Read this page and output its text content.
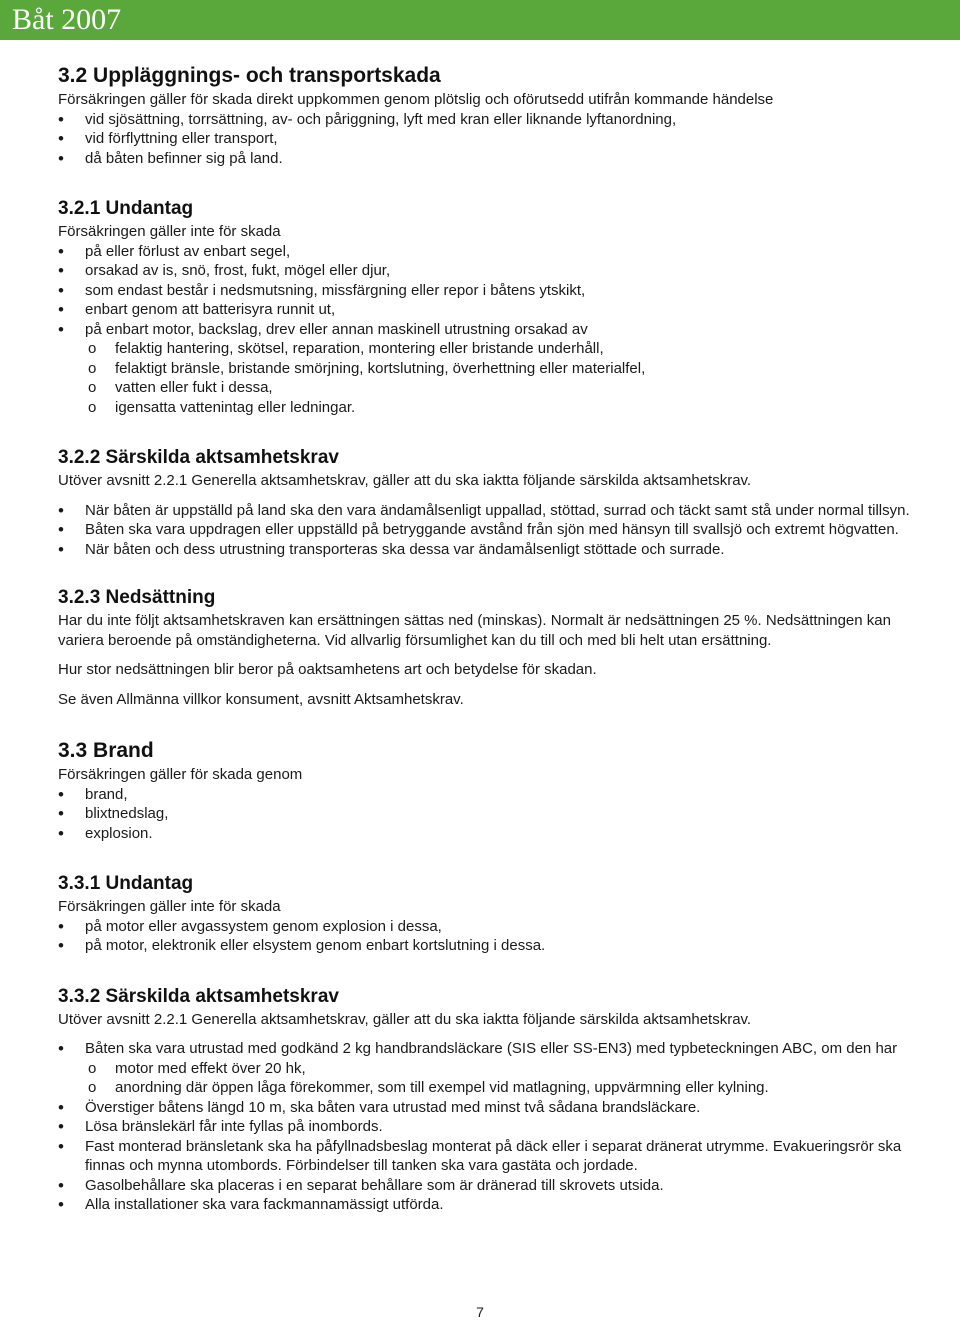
Båt 2007
3.2 Uppläggnings- och transportskada

Försäkringen gäller för skada direkt uppkommen genom plötslig och oförutsedd utifrån kommande händelse

• vid sjösättning, torrsättning, av- och påriggning, lyft med kran eller liknande lyftanordning,
• vid förflyttning eller transport,
• då båten befinner sig på land.
3.2.1 Undantag

Försäkringen gäller inte för skada

• på eller förlust av enbart segel,
• orsakad av is, snö, frost, fukt, mögel eller djur,
• som endast består i nedsmutsning, missfärgning eller repor i båtens ytskikt,
• enbart genom att batterisyra runnit ut,
• på enbart motor, backslag, drev eller annan maskinell utrustning orsakad av
o felaktig hantering, skötsel, reparation, montering eller bristande underhåll,
o felaktigt bränsle, bristande smörjning, kortslutning, överhettning eller materialfel,
o vatten eller fukt i dessa,
o igensatta vattenintag eller ledningar.
3.2.2 Särskilda aktsamhetskrav

Utöver avsnitt 2.2.1 Generella aktsamhetskrav, gäller att du ska iaktta följande särskilda aktsamhetskrav.

• När båten är uppställd på land ska den vara ändamålsenligt uppallad, stöttad, surrad och täckt samt stå under normal tillsyn.
• Båten ska vara uppdragen eller uppställd på betryggande avstånd från sjön med hänsyn till svallsjö och extremt högvatten.
• När båten och dess utrustning transporteras ska dessa var ändamålsenligt stöttade och surrade.
3.2.3 Nedsättning

Har du inte följt aktsamhetskraven kan ersättningen sättas ned (minskas). Normalt är nedsättningen 25 %. Nedsättningen kan variera beroende på omständigheterna. Vid allvarlig försumlighet kan du till och med bli helt utan ersättning.

Hur stor nedsättningen blir beror på oaktsamhetens art och betydelse för skadan.

Se även Allmänna villkor konsument, avsnitt Aktsamhetskrav.

3.3 Brand

Försäkringen gäller för skada genom

• brand,
• blixtnedslag,
• explosion.
3.3.1 Undantag

Försäkringen gäller inte för skada

• på motor eller avgassystem genom explosion i dessa,
• på motor, elektronik eller elsystem genom enbart kortslutning i dessa.
3.3.2 Särskilda aktsamhetskrav

Utöver avsnitt 2.2.1 Generella aktsamhetskrav, gäller att du ska iaktta följande särskilda aktsamhetskrav.

• Båten ska vara utrustad med godkänd 2 kg handbrandsläckare (SIS eller SS-EN3) med typbeteckningen ABC, om den har
o motor med effekt över 20 hk,
o anordning där öppen låga förekommer, som till exempel vid matlagning, uppvärmning eller kylning.
• Överstiger båtens längd 10 m, ska båten vara utrustad med minst två sådana brandsläckare.
• Lösa bränslekärl får inte fyllas på inombords.
• Fast monterad bränsletank ska ha påfyllnadsbeslag monterat på däck eller i separat dränerat utrymme. Evakueringsrör ska finnas och mynna utombords. Förbindelser till tanken ska vara gastäta och jordade.
• Gasolbehållare ska placeras i en separat behållare som är dränerad till skrovets utsida.
• Alla installationer ska vara fackmannamässigt utförda.
7
